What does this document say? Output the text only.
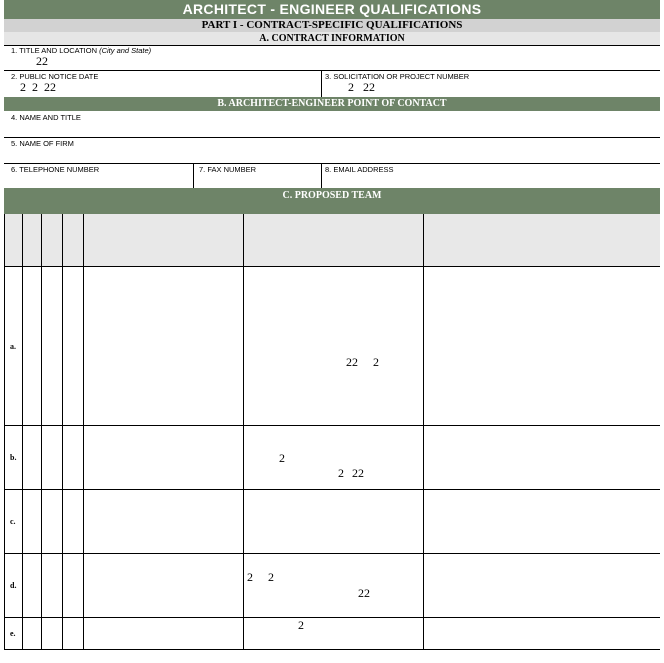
ARCHITECT - ENGINEER QUALIFICATIONS
PART I - CONTRACT-SPECIFIC QUALIFICATIONS
A. CONTRACT INFORMATION
1. TITLE AND LOCATION (City and State)
22
2. PUBLIC NOTICE DATE
2  2  22
3. SOLICITATION OR PROJECT NUMBER
2   22
B. ARCHITECT-ENGINEER POINT OF CONTACT
4. NAME AND TITLE
5. NAME OF FIRM
6. TELEPHONE NUMBER	7. FAX NUMBER	8. EMAIL ADDRESS
C. PROPOSED TEAM
a.
b.
c.
d.
e.
22 2
2
2 22
2 2
22
2
